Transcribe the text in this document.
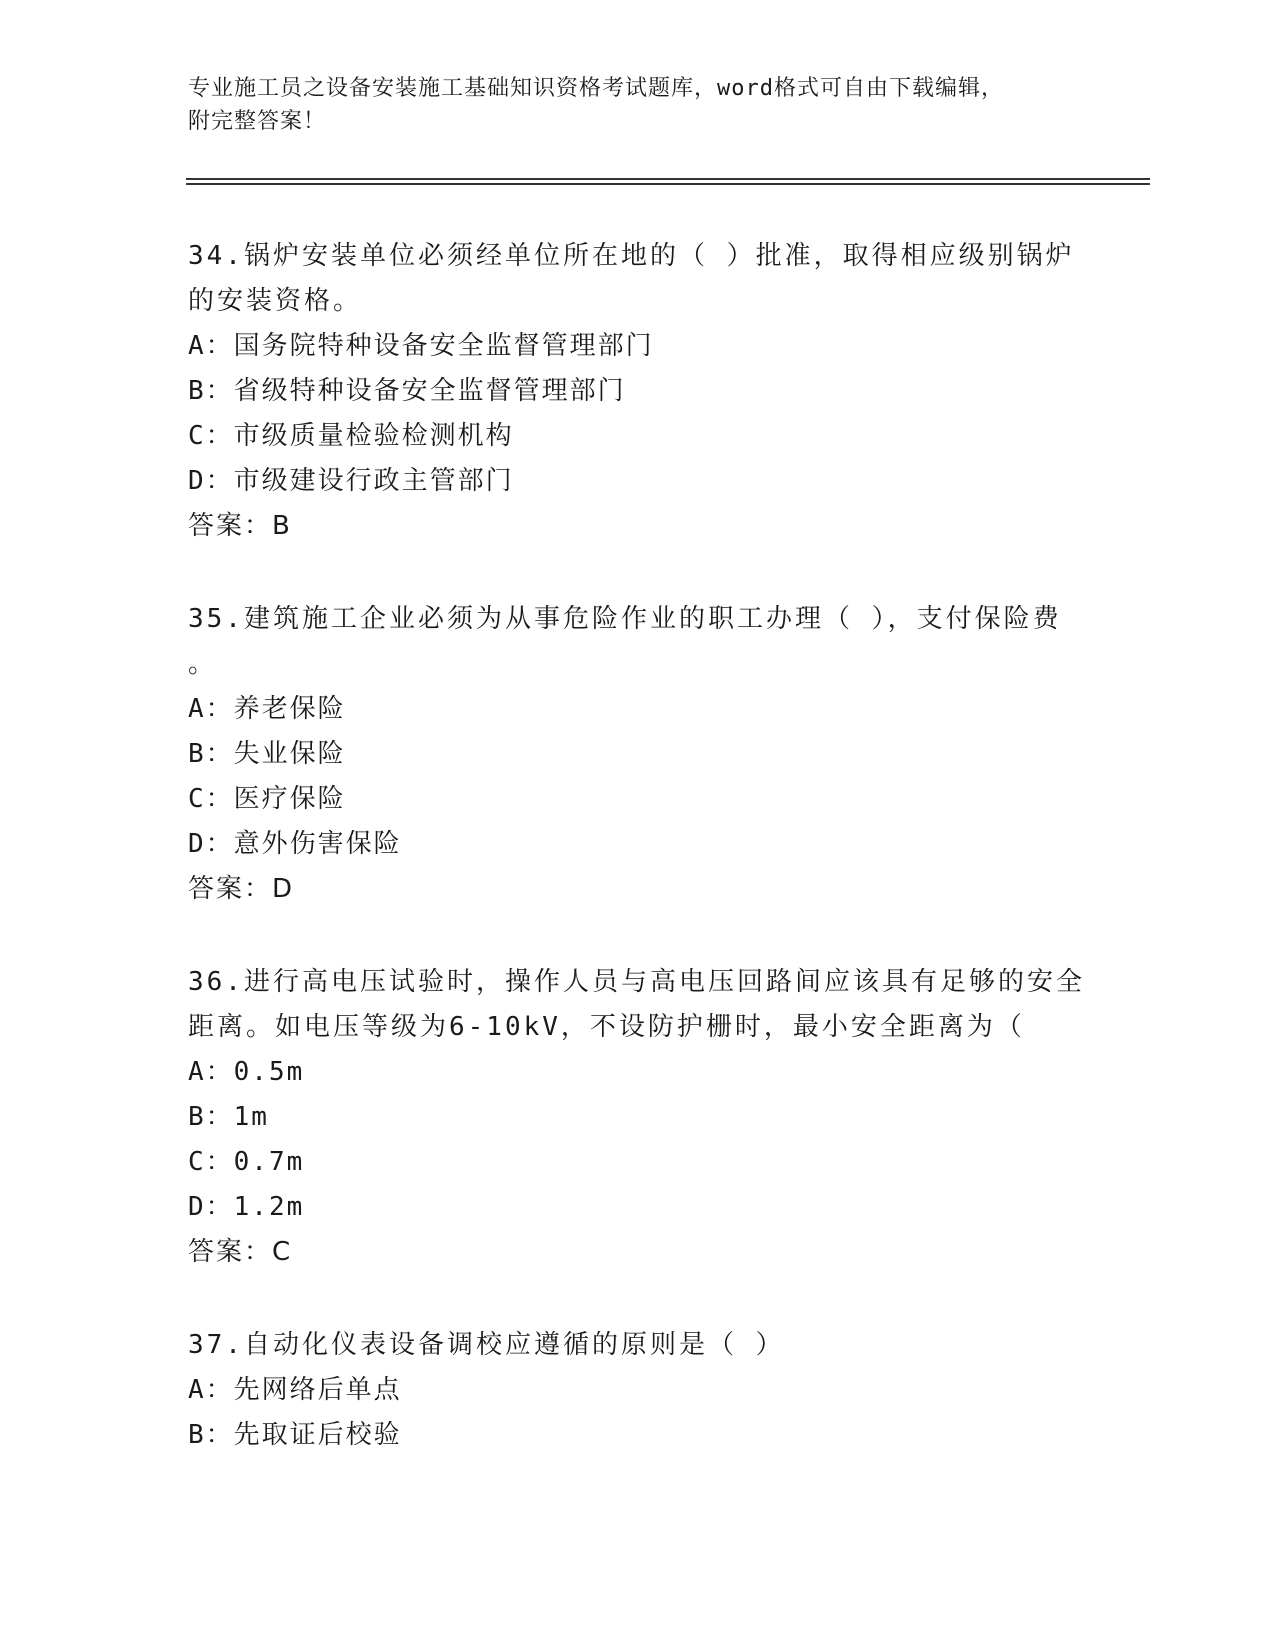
专业施工员之设备安装施工基础知识资格考试题库，word格式可自由下载编辑，
附完整答案！
34.锅炉安装单位必须经单位所在地的（ ）批准，取得相应级别锅炉
的安装资格。
A：国务院特种设备安全监督管理部门
B：省级特种设备安全监督管理部门
C：市级质量检验检测机构
D：市级建设行政主管部门
答案：B
35.建筑施工企业必须为从事危险作业的职工办理（ ），支付保险费
。
A：养老保险
B：失业保险
C：医疗保险
D：意外伤害保险
答案：D
36.进行高电压试验时，操作人员与高电压回路间应该具有足够的安全
距离。如电压等级为6-10kV，不设防护栅时，最小安全距离为（
A：0.5m
B：1m
C：0.7m
D：1.2m
答案：C
37.自动化仪表设备调校应遵循的原则是（ ）
A：先网络后单点
B：先取证后校验
